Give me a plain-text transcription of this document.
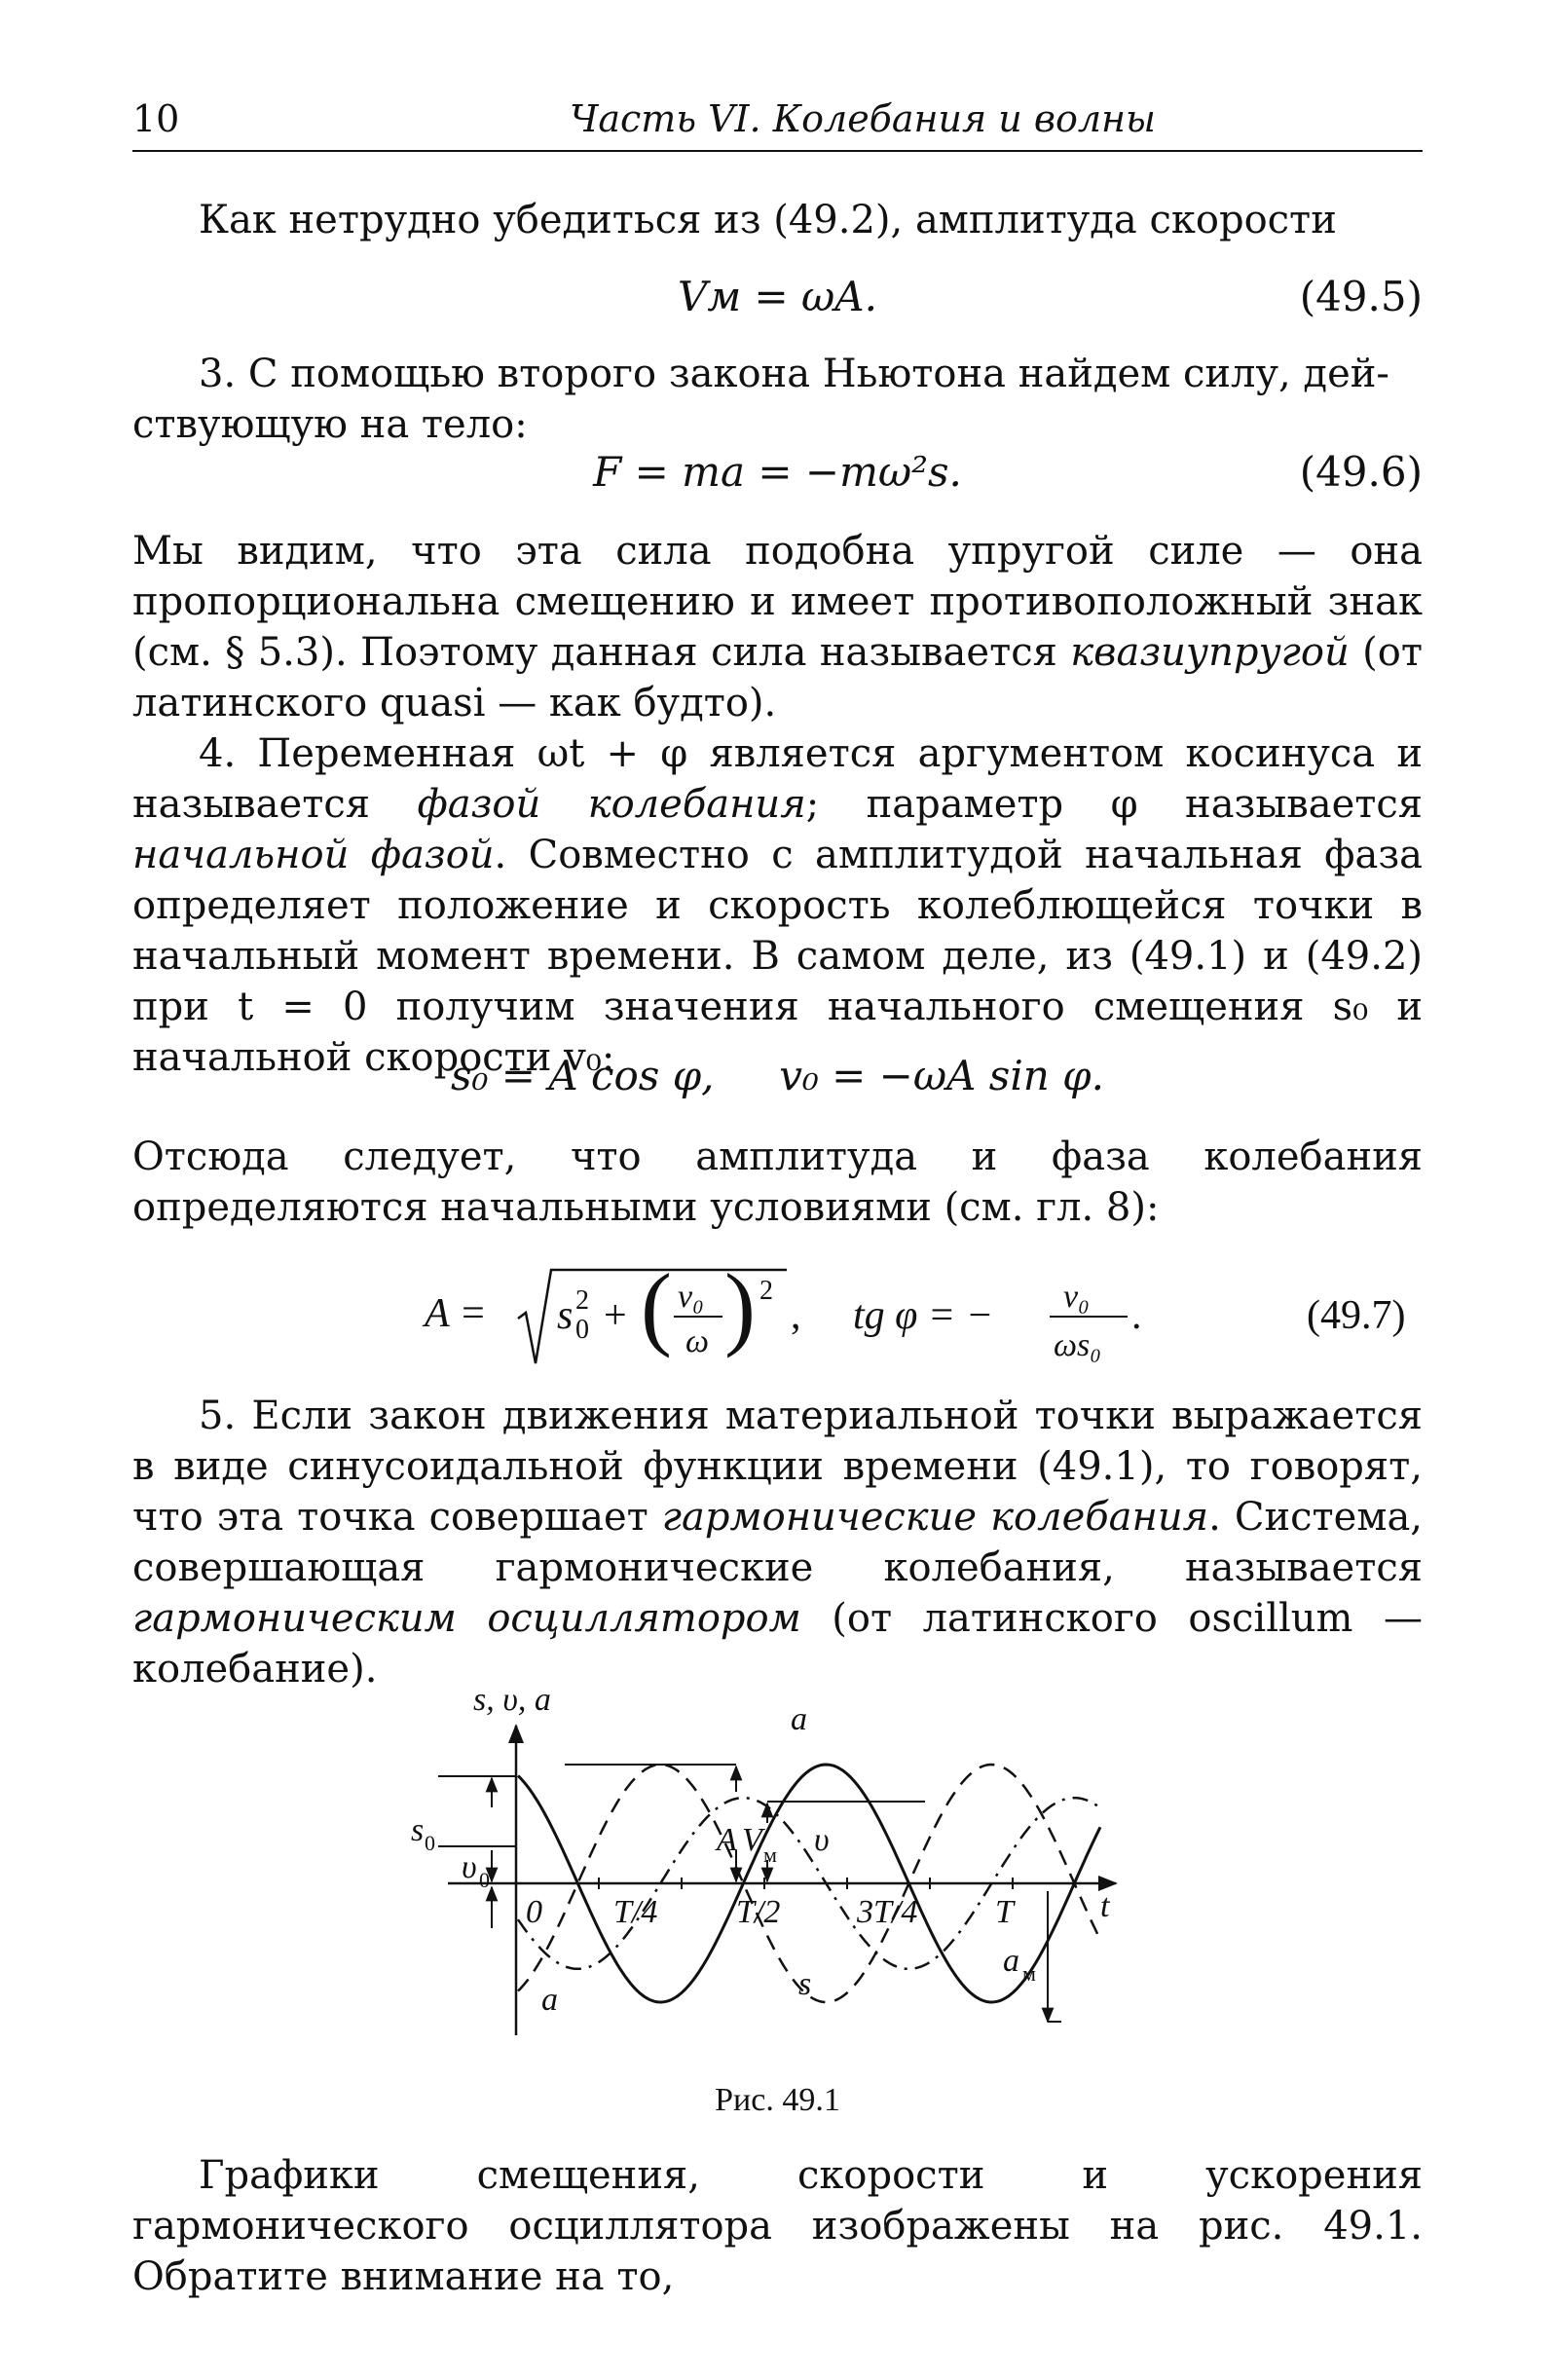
10	Часть VI. Колебания и волны
Как нетрудно убедиться из (49.2), амплитуда скорости
Vм = ωA.	(49.5)
3. С помощью второго закона Ньютона найдем силу, дей-
ствующую на тело:
F = ma = −mω²s.	(49.6)
Мы видим, что эта сила подобна упругой силе — она пропорциональна смещению и имеет противоположный знак (см. § 5.3). Поэтому данная сила называется квазиупругой (от латинского quasi — как будто).
4. Переменная ωt + φ является аргументом косинуса и называется фазой колебания; параметр φ называется начальной фазой. Совместно с амплитудой начальная фаза определяет положение и скорость колеблющейся точки в начальный момент времени. В самом деле, из (49.1) и (49.2) при t = 0 получим значения начального смещения s₀ и начальной скорости v₀:
s₀ = A cos φ,     v₀ = −ωA sin φ.
Отсюда следует, что амплитуда и фаза колебания определяются начальными условиями (см. гл. 8):
A = s 0
2 + ( v₀
ω ) 2
, tg φ = − v₀
ωs₀
.	(49.7)
5. Если закон движения материальной точки выражается в виде синусоидальной функции времени (49.1), то говорят, что эта точка совершает гармонические колебания. Система, совершающая гармонические колебания, называется гармоническим осциллятором (от латинского oscillum — колебание).
s, υ, a
a
a	s
υ
A V м
a м
s 0
υ 0
t
0 T/4 T/2 3T/4 T
Рис. 49.1
Графики смещения, скорости и ускорения гармонического осциллятора изображены на рис. 49.1. Обратите внимание на то,
